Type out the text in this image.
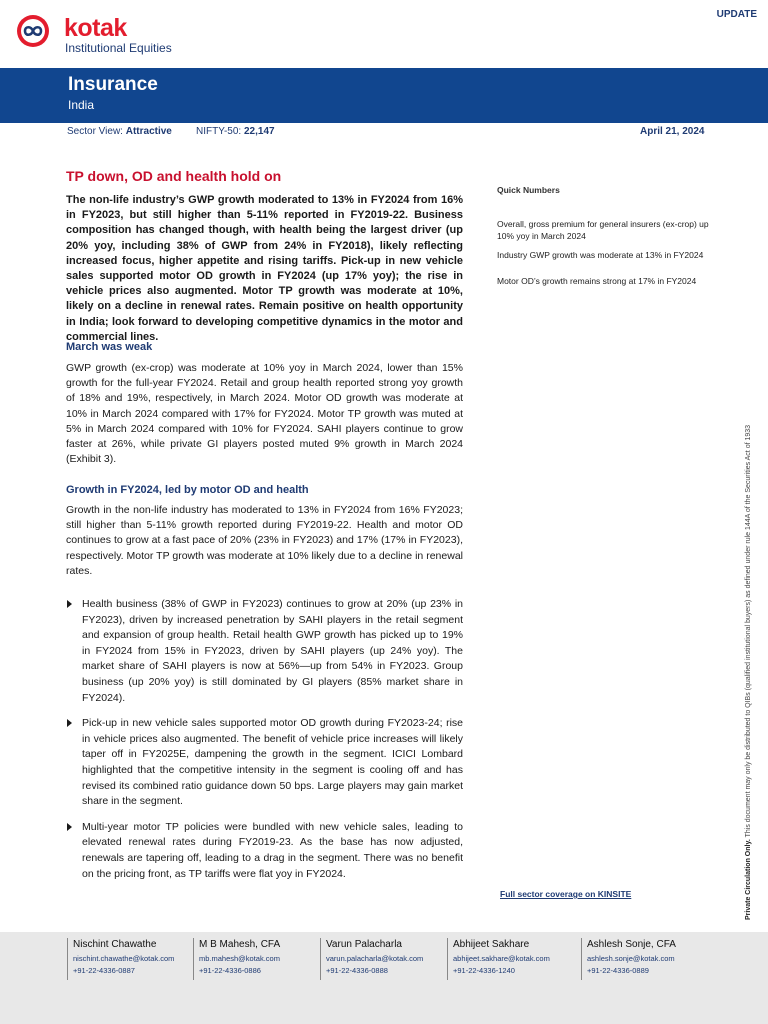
kotak
Institutional Equities
UPDATE
Insurance
India
Sector View: Attractive NIFTY-50: 22,147	April 21, 2024
TP down, OD and health hold on

The non-life industry’s GWP growth moderated to 13% in FY2024 from 16% in FY2023, but still higher than 5-11% reported in FY2019-22. Business composition has changed though, with health being the largest driver (up 20% yoy, including 38% of GWP from 24% in FY2018), likely reflecting increased focus, higher appetite and rising tariffs. Pick-up in new vehicle sales supported motor OD growth in FY2024 (up 17% yoy); the rise in vehicle prices also augmented. Motor TP growth was moderate at 10%, likely on a decline in renewal rates. Remain positive on health opportunity in India; look forward to developing competitive dynamics in the motor and commercial lines.

March was weak

GWP growth (ex-crop) was moderate at 10% yoy in March 2024, lower than 15% growth for the full-year FY2024. Retail and group health reported strong yoy growth of 18% and 19%, respectively, in March 2024. Motor OD growth was moderate at 10% in March 2024 compared with 17% for FY2024. Motor TP growth was muted at 5% in March 2024 compared with 10% for FY2024. SAHI players continue to grow faster at 26%, while private GI players posted muted 9% growth in March 2024 (Exhibit 3).

Growth in FY2024, led by motor OD and health

Growth in the non-life industry has moderated to 13% in FY2024 from 16% FY2023; still higher than 5-11% growth reported during FY2019-22. Health and motor OD continues to grow at a fast pace of 20% (23% in FY2023) and 17% (17% in FY2023), respectively. Motor TP growth was moderate at 10% likely due to a decline in renewal rates.

Health business (38% of GWP in FY2023) continues to grow at 20% (up 23% in FY2023), driven by increased penetration by SAHI players in the retail segment and expansion of group health. Retail health GWP growth has picked up to 19% in FY2024 from 15% in FY2023, driven by SAHI players (up 24% yoy). The market share of SAHI players is now at 56%—up from 54% in FY2023. Group business (up 20% yoy) is still dominated by GI players (85% market share in FY2024).
Pick-up in new vehicle sales supported motor OD growth during FY2023-24; rise in vehicle prices also augmented. The benefit of vehicle price increases will likely taper off in FY2025E, dampening the growth in the segment. ICICI Lombard highlighted that the competitive intensity in the segment is cooling off and has revised its combined ratio guidance down 50 bps. Large players may gain market share in the segment.
Multi-year motor TP policies were bundled with new vehicle sales, leading to elevated renewal rates during FY2019-23. As the base has now adjusted, renewals are tapering off, leading to a drag in the segment. There was no benefit on the pricing front, as TP tariffs were flat yoy in FY2024.
Quick Numbers
Overall, gross premium for general insurers (ex-crop) up 10% yoy in March 2024
Industry GWP growth was moderate at 13% in FY2024
Motor OD’s growth remains strong at 17% in FY2024
Full sector coverage on KINSITE	Private Circulation Only. This document may only be distributed to QIBs (qualified institutional buyers) as defined under rule 144A of the Securities Act of 1933
Nischint Chawathe
nischint.chawathe@kotak.com
+91-22-4336-0887
M B Mahesh, CFA
mb.mahesh@kotak.com
+91-22-4336-0886
Varun Palacharla
varun.palacharla@kotak.com
+91-22-4336-0888
Abhijeet Sakhare
abhijeet.sakhare@kotak.com
+91-22-4336-1240
Ashlesh Sonje, CFA
ashlesh.sonje@kotak.com
+91-22-4336-0889
